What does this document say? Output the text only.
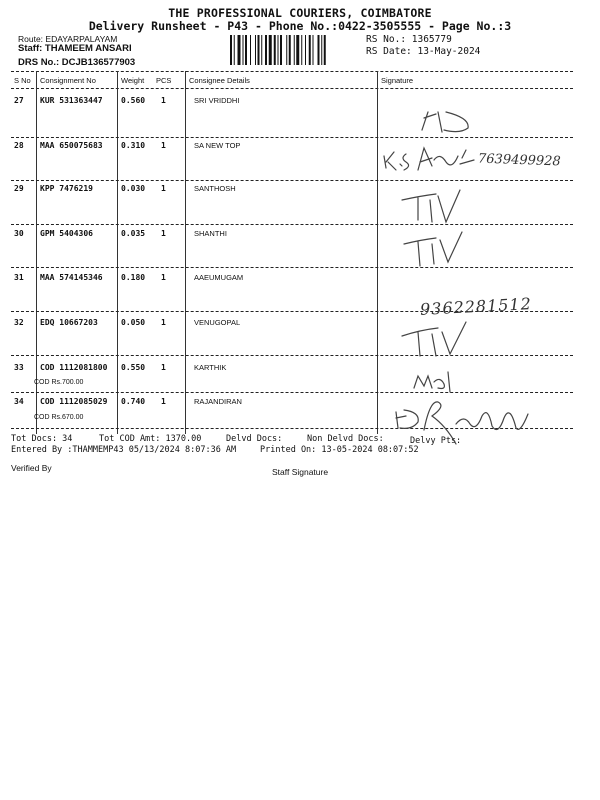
THE PROFESSIONAL COURIERS, COIMBATORE
Delivery Runsheet - P43 - Phone No.:0422-3505555 - Page No.:3
Route: EDAYARPALAYAM
Staff: THAMEEM ANSARI
DRS No.: DCJB136577903
RS No.: 1365779
RS Date: 13-May-2024
S No Consignment No	Weight PCS Consignee Details	Signature
27 KUR 531363447 0.560 1	SRI VRIDDHI
28 MAA 650075683 0.310 1	SA NEW TOP
29 KPP 7476219	0.030 1	SANTHOSH
30 GPM 5404306	0.035 1	SHANTHI
31 MAA 574145346 0.180 1	AAEUMUGAM
32 EDQ 10667203	0.050 1	VENUGOPAL
33 COD 1112081800 0.550 1	KARTHIK
COD Rs.700.00
34 COD 1112085029 0.740 1	RAJANDIRAN
COD Rs.670.00
Tot Docs: 34	Tot COD Amt: 1370.00	Delvd Docs:	Non Delvd Docs:	Delvy Pts:
Entered By :THAMMEMP43 05/13/2024 8:07:36 AM	Printed On: 13-05-2024 08:07:52
Verified By	Staff Signature
7639499928
9362281512
